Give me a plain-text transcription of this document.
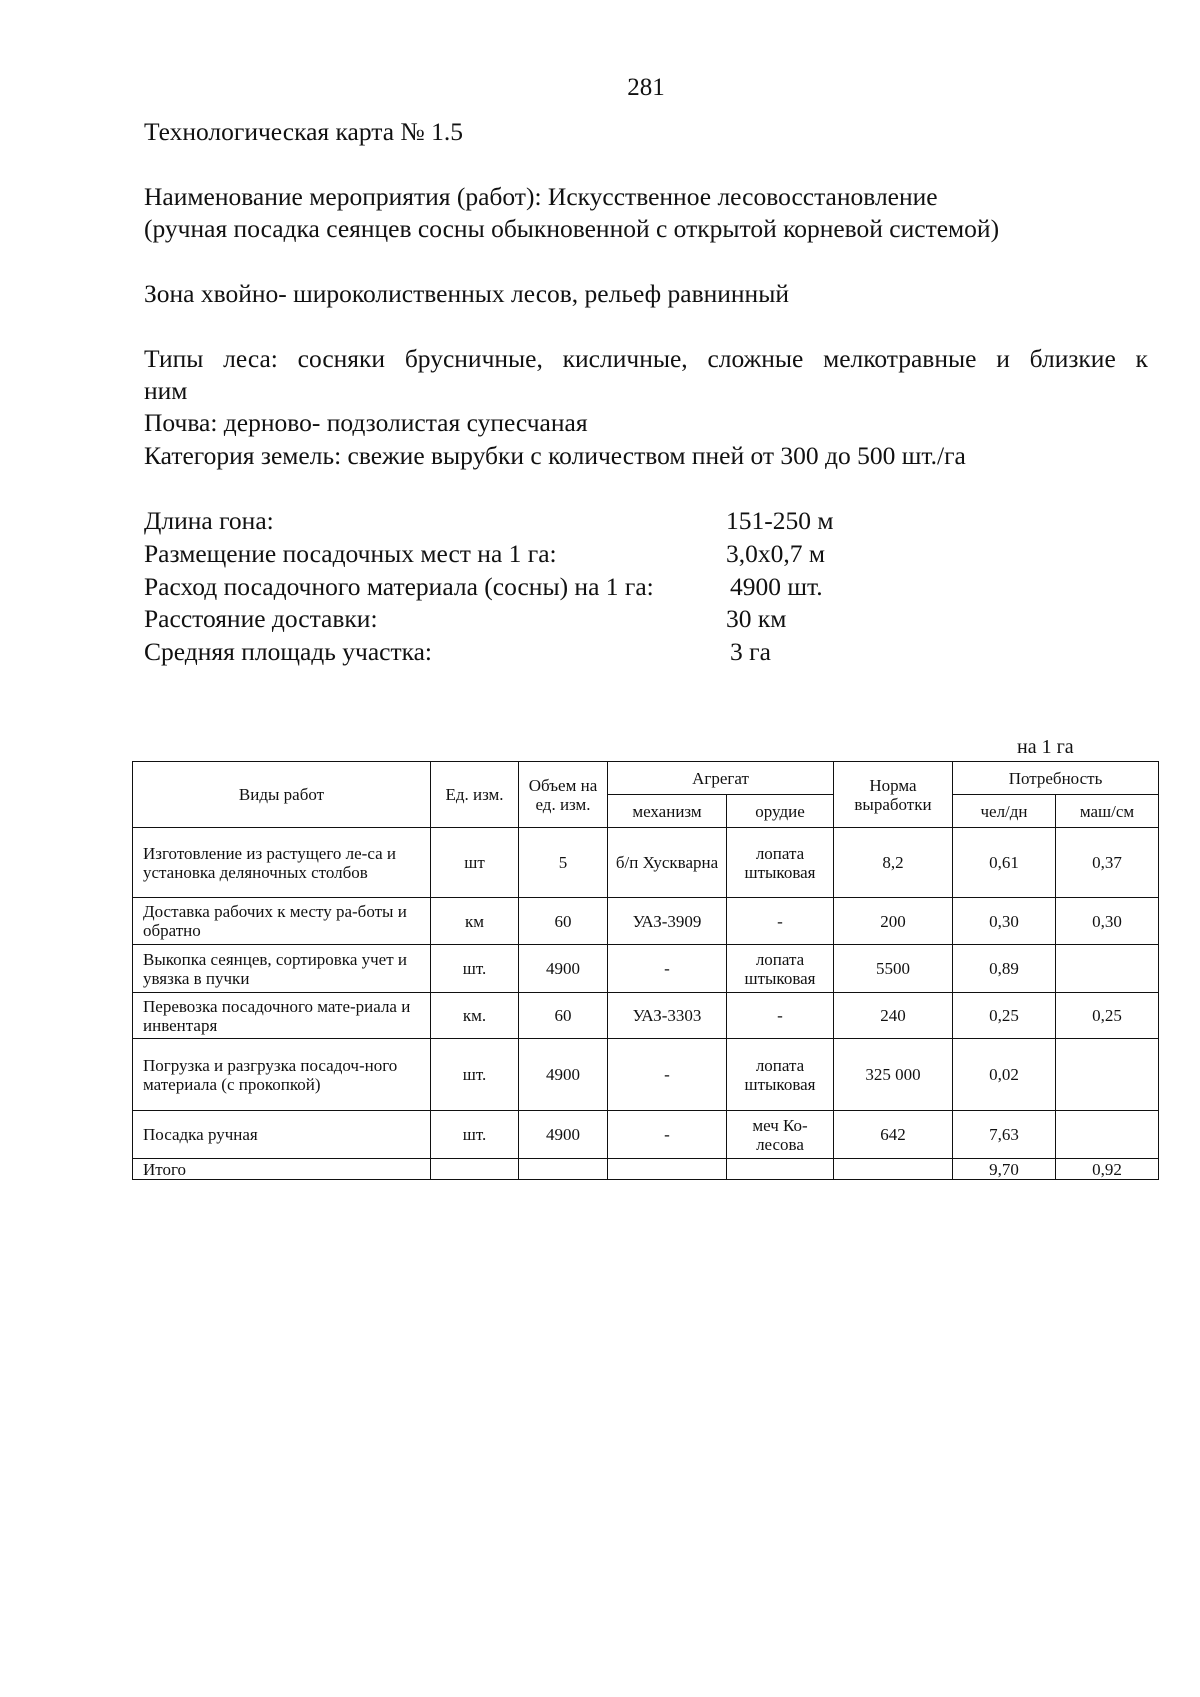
281
Технологическая карта № 1.5
Наименование мероприятия (работ): Искусственное лесовосстановление
(ручная посадка сеянцев сосны обыкновенной с открытой корневой системой)
Зона хвойно- широколиственных лесов, рельеф равнинный
Типы леса: сосняки брусничные, кисличные, сложные мелкотравные и близкие к
ним
Почва: дерново- подзолистая супесчаная
Категория земель: свежие вырубки с количеством пней от 300 до 500 шт./га
Длина гона:	151-250 м
Размещение посадочных мест на 1 га:	3,0х0,7 м
Расход посадочного материала (сосны) на 1 га:	4900 шт.
Расстояние доставки:	30 км
Средняя площадь участка:	3 га
на 1 га
Виды работ	Ед. изм.	Объем на ед. изм.	Агрегат		Норма выработки	Потребность	
			механизм	орудие		чел/дн	маш/см
Изготовление из растущего ле-са и установка деляночных столбов	шт	5	б/п Хускварна	лопата штыковая	8,2	0,61	0,37
Доставка рабочих к месту ра-боты и обратно	км	60	УАЗ-3909	-	200	0,30	0,30
Выкопка сеянцев, сортировка учет и увязка в пучки	шт.	4900	-	лопата штыковая	5500	0,89	
Перевозка посадочного мате-риала и инвентаря	км.	60	УАЗ-3303	-	240	0,25	0,25
Погрузка и разгрузка посадоч-ного материала (с прокопкой)	шт.	4900	-	лопата штыковая	325 000	0,02	
Посадка ручная	шт.	4900	-	меч Ко-лесова	642	7,63	
Итого						9,70	0,92
